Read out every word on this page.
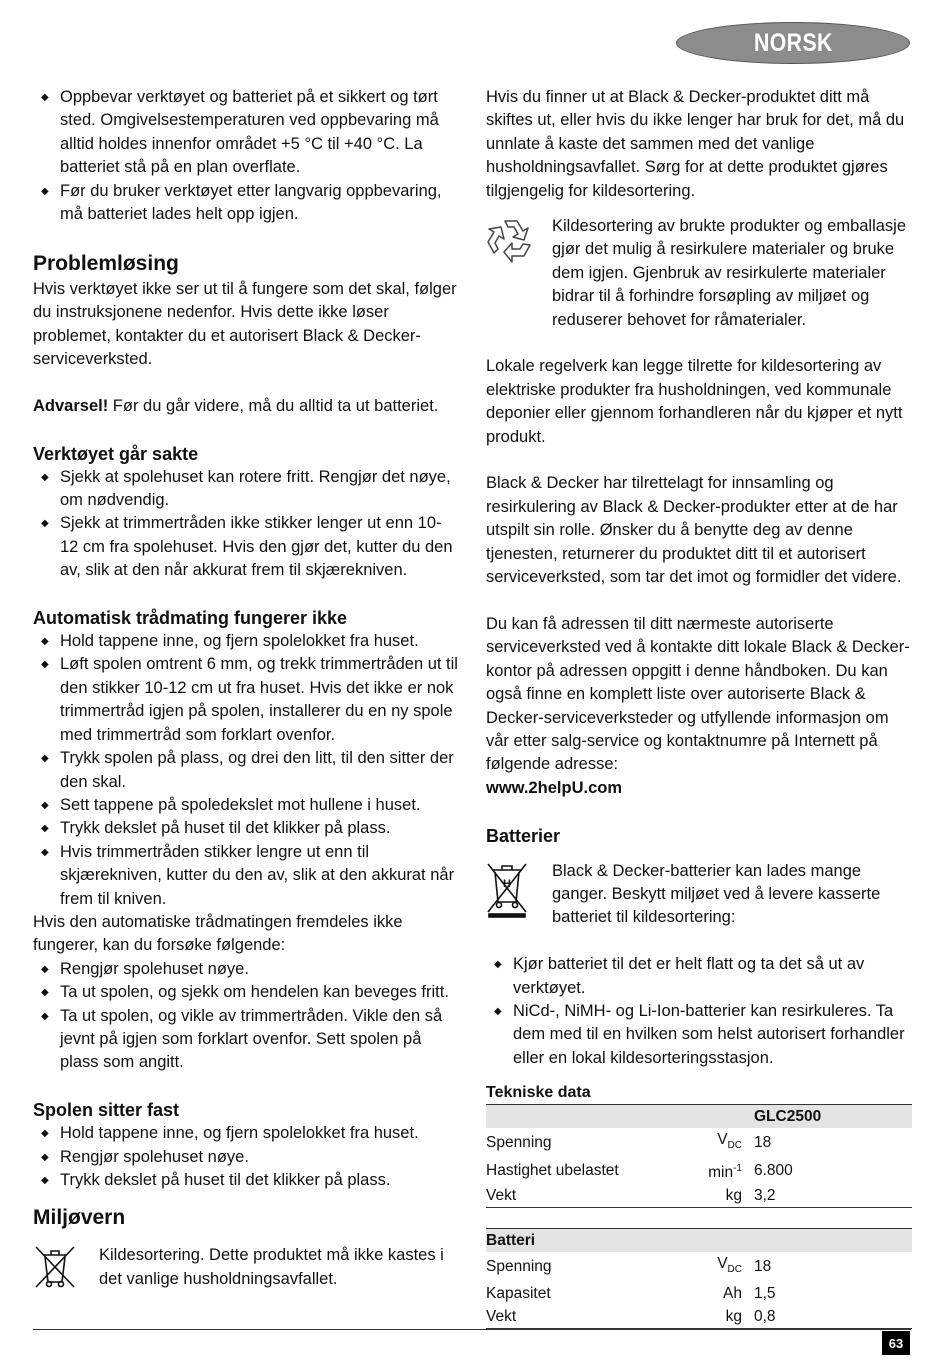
NORSK
◆ Oppbevar verktøyet og batteriet på et sikkert og tørt sted. Omgivelsestemperaturen ved oppbevaring må alltid holdes innenfor området +5 °C til +40 °C. La batteriet stå på en plan overflate.
◆ Før du bruker verktøyet etter langvarig oppbevaring, må batteriet lades helt opp igjen.
Problemløsing

Hvis verktøyet ikke ser ut til å fungere som det skal, følger du instruksjonene nedenfor. Hvis dette ikke løser problemet, kontakter du et autorisert Black & Decker-serviceverksted.

Advarsel! Før du går videre, må du alltid ta ut batteriet.

Verktøyet går sakte
◆ Sjekk at spolehuset kan rotere fritt. Rengjør det nøye, om nødvendig.
◆ Sjekk at trimmertråden ikke stikker lenger ut enn 10-12 cm fra spolehuset. Hvis den gjør det, kutter du den av, slik at den når akkurat frem til skjærekniven.
Automatisk trådmating fungerer ikke
◆ Hold tappene inne, og fjern spolelokket fra huset.
◆ Løft spolen omtrent 6 mm, og trekk trimmertråden ut til den stikker 10-12 cm ut fra huset. Hvis det ikke er nok trimmertråd igjen på spolen, installerer du en ny spole med trimmertråd som forklart ovenfor.
◆ Trykk spolen på plass, og drei den litt, til den sitter der den skal.
◆ Sett tappene på spoledekslet mot hullene i huset.
◆ Trykk dekslet på huset til det klikker på plass.
◆ Hvis trimmertråden stikker lengre ut enn til skjærekniven, kutter du den av, slik at den akkurat når frem til kniven.

Hvis den automatiske trådmatingen fremdeles ikke fungerer, kan du forsøke følgende:

◆ Rengjør spolehuset nøye.
◆ Ta ut spolen, og sjekk om hendelen kan beveges fritt.
◆ Ta ut spolen, og vikle av trimmertråden. Vikle den så jevnt på igjen som forklart ovenfor. Sett spolen på plass som angitt.
Spolen sitter fast
◆ Hold tappene inne, og fjern spolelokket fra huset.
◆ Rengjør spolehuset nøye.
◆ Trykk dekslet på huset til det klikker på plass.
Miljøvern

Kildesortering. Dette produktet må ikke kastes i det vanlige husholdningsavfallet.

Hvis du finner ut at Black & Decker-produktet ditt må skiftes ut, eller hvis du ikke lenger har bruk for det, må du unnlate å kaste det sammen med det vanlige husholdningsavfallet. Sørg for at dette produktet gjøres tilgjengelig for kildesortering.

Kildesortering av brukte produkter og emballasje gjør det mulig å resirkulere materialer og bruke dem igjen. Gjenbruk av resirkulerte materialer bidrar til å forhindre forsøpling av miljøet og reduserer behovet for råmaterialer.

Lokale regelverk kan legge tilrette for kildesortering av elektriske produkter fra husholdningen, ved kommunale deponier eller gjennom forhandleren når du kjøper et nytt produkt.

Black & Decker har tilrettelagt for innsamling og resirkulering av Black & Decker-produkter etter at de har utspilt sin rolle. Ønsker du å benytte deg av denne tjenesten, returnerer du produktet ditt til et autorisert serviceverksted, som tar det imot og formidler det videre.

Du kan få adressen til ditt nærmeste autoriserte serviceverksted ved å kontakte ditt lokale Black & Decker-kontor på adressen oppgitt i denne håndboken. Du kan også finne en komplett liste over autoriserte Black & Decker-serviceverksteder og utfyllende informasjon om vår etter salg-service og kontaktnumre på Internett på følgende adresse:

www.2helpU.com

Batterier
H

Black & Decker-batterier kan lades mange ganger. Beskytt miljøet ved å levere kasserte batteriet til kildesortering:

◆ Kjør batteriet til det er helt flatt og ta det så ut av verktøyet.
◆ NiCd-, NiMH- og Li-Ion-batterier kan resirkuleres. Ta dem med til en hvilken som helst autorisert forhandler eller en lokal kildesorteringsstasjon.
Tekniske data
		GLC2500
Spenning	$V_{DC}$	18
Hastighet ubelastet	$\min^{-1}$	6.800
Vekt	kg	3,2

Batteri		
Spenning	$V_{DC}$	18
Kapasitet	Ah	1,5
Vekt	kg	0,8
63
